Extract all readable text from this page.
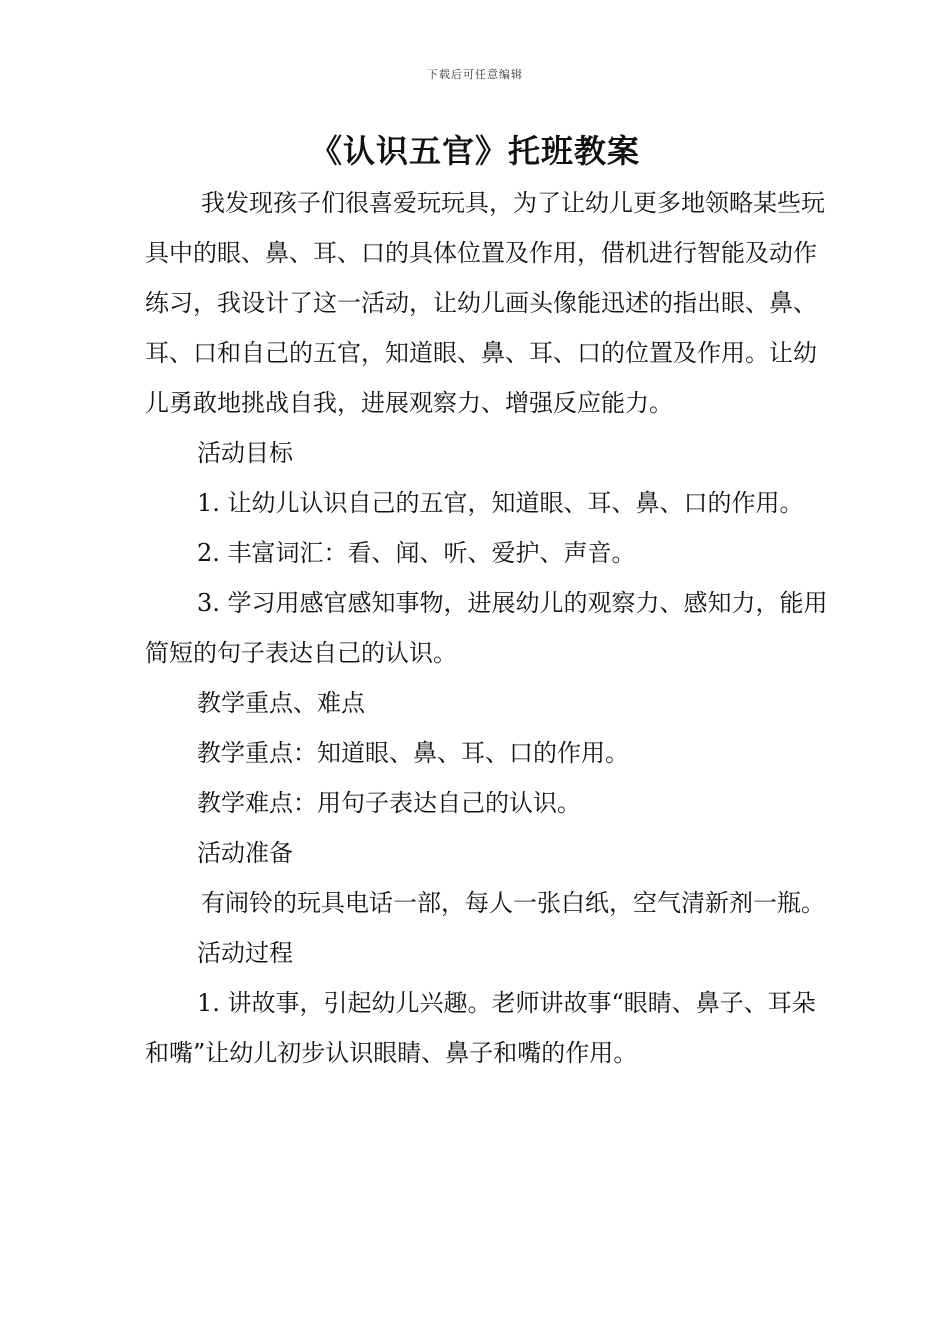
下载后可任意编辑
《认识五官》托班教案

我发现孩子们很喜爱玩玩具，为了让幼儿更多地领略某些玩具中的眼、鼻、耳、口的具体位置及作用，借机进行智能及动作练习，我设计了这一活动，让幼儿画头像能迅述的指出眼、鼻、耳、口和自己的五官，知道眼、鼻、耳、口的位置及作用。让幼儿勇敢地挑战自我，进展观察力、增强反应能力。

活动目标

1. 让幼儿认识自己的五官，知道眼、耳、鼻、口的作用。

2. 丰富词汇：看、闻、听、爱护、声音。

3. 学习用感官感知事物，进展幼儿的观察力、感知力，能用简短的句子表达自己的认识。

教学重点、难点

教学重点：知道眼、鼻、耳、口的作用。

教学难点：用句子表达自己的认识。

活动准备

有闹铃的玩具电话一部，每人一张白纸，空气清新剂一瓶。

活动过程

1. 讲故事，引起幼儿兴趣。老师讲故事“眼睛、鼻子、耳朵和嘴”让幼儿初步认识眼睛、鼻子和嘴的作用。
